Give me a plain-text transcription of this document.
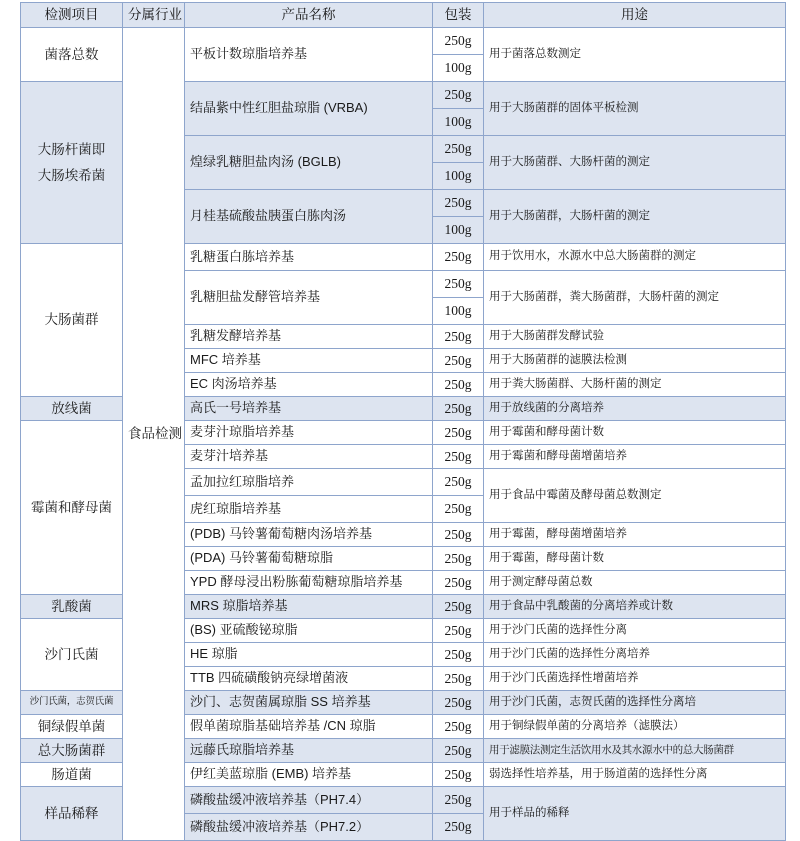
检测项目	分属行业	产品名称	包装	用途
菌落总数	食品检测	平板计数琼脂培养基	250g	用于菌落总数测定
			100g	

大肠杆菌即
大肠埃希菌		结晶紫中性红胆盐琼脂 (VRBA)	250g	用于大肠菌群的固体平板检测
			100g	
		煌绿乳糖胆盐肉汤 (BGLB)	250g	用于大肠菌群、大肠杆菌的测定
			100g	
		月桂基硫酸盐胰蛋白胨肉汤	250g	用于大肠菌群，大肠杆菌的测定
			100g	
大肠菌群		乳糖蛋白胨培养基	250g	用于饮用水，水源水中总大肠菌群的测定
		乳糖胆盐发酵管培养基	250g	用于大肠菌群，粪大肠菌群，大肠杆菌的测定
			100g	
		乳糖发酵培养基	250g	用于大肠菌群发酵试验
		MFC 培养基	250g	用于大肠菌群的滤膜法检测
		EC 肉汤培养基	250g	用于粪大肠菌群、大肠杆菌的测定
放线菌		高氏一号培养基	250g	用于放线菌的分离培养
霉菌和酵母菌		麦芽汁琼脂培养基	250g	用于霉菌和酵母菌计数
		麦芽汁培养基	250g	用于霉菌和酵母菌增菌培养
		孟加拉红琼脂培养	250g	用于食品中霉菌及酵母菌总数测定
		虎红琼脂培养基	250g	
		(PDB) 马铃薯葡萄糖肉汤培养基	250g	用于霉菌，酵母菌增菌培养
		(PDA) 马铃薯葡萄糖琼脂	250g	用于霉菌，酵母菌计数
		YPD 酵母浸出粉胨葡萄糖琼脂培养基	250g	用于测定酵母菌总数
乳酸菌		MRS 琼脂培养基	250g	用于食品中乳酸菌的分离培养或计数
沙门氏菌		(BS) 亚硫酸铋琼脂	250g	用于沙门氏菌的选择性分离
		HE 琼脂	250g	用于沙门氏菌的选择性分离培养
		TTB 四硫磺酸钠亮绿增菌液	250g	用于沙门氏菌选择性增菌培养
沙门氏菌，志贺氏菌		沙门、志贺菌属琼脂 SS 培养基	250g	用于沙门氏菌，志贺氏菌的选择性分离培
铜绿假单菌		假单菌琼脂基础培养基 /CN 琼脂	250g	用于铜绿假单菌的分离培养（滤膜法）
总大肠菌群		远藤氏琼脂培养基	250g	用于滤膜法测定生活饮用水及其水源水中的总大肠菌群
肠道菌		伊红美蓝琼脂 (EMB) 培养基	250g	弱选择性培养基，用于肠道菌的选择性分离
样品稀释		磷酸盐缓冲液培养基（PH7.4）	250g	用于样品的稀释
		磷酸盐缓冲液培养基（PH7.2）	250g	
